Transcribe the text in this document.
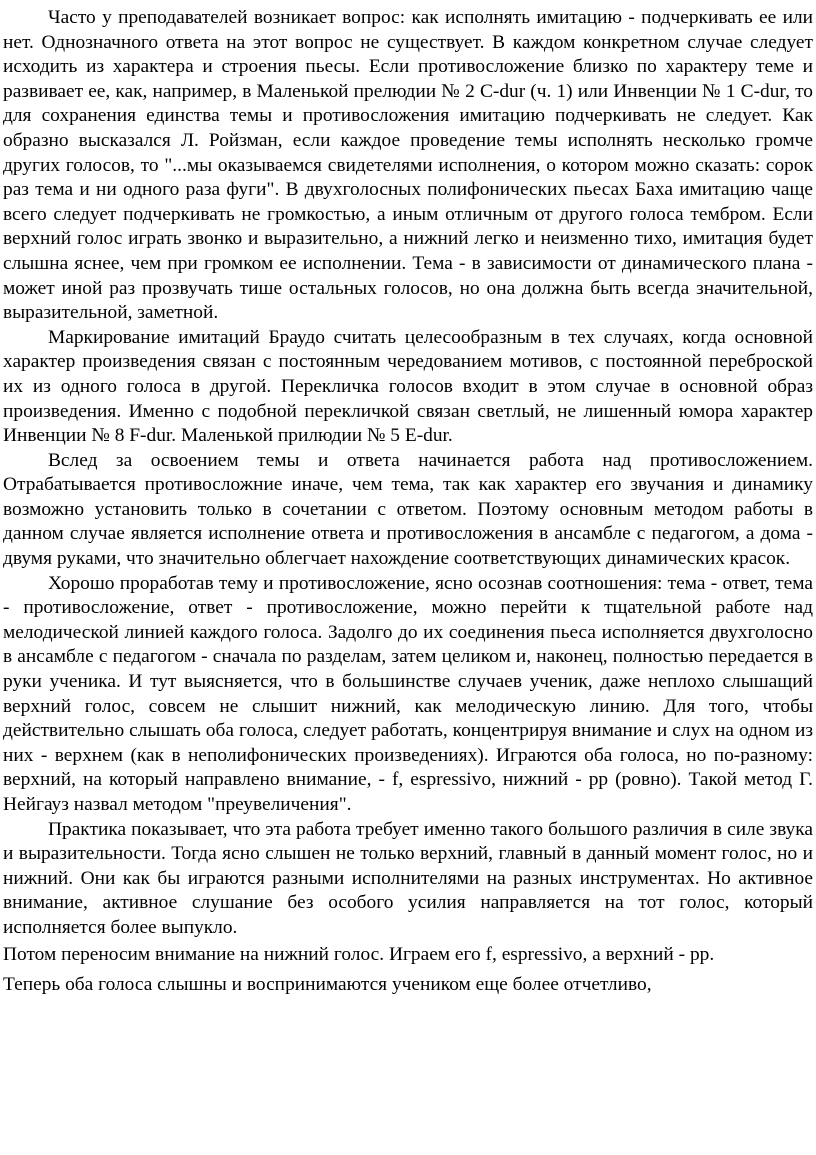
Часто у преподавателей возникает вопрос: как исполнять имитацию - подчеркивать ее или нет. Однозначного ответа на этот вопрос не существует. В каждом конкретном случае следует исходить из характера и строения пьесы. Если противосложение близко по характеру теме и развивает ее, как, например, в Маленькой прелюдии № 2 C-dur (ч. 1) или Инвенции № 1 C-dur, то для сохранения единства темы и противосложения имитацию подчеркивать не следует. Как образно высказался Л. Ройзман, если каждое проведение темы исполнять несколько громче других голосов, то "...мы оказываемся свидетелями исполнения, о котором можно сказать: сорок раз тема и ни одного раза фуги". В двухголосных полифонических пьесах Баха имитацию чаще всего следует подчеркивать не громкостью, а иным отличным от другого голоса тембром. Если верхний голос играть звонко и выразительно, а нижний легко и неизменно тихо, имитация будет слышна яснее, чем при громком ее исполнении. Тема - в зависимости от динамического плана - может иной раз прозвучать тише остальных голосов, но она должна быть всегда значительной, выразительной, заметной.

Маркирование имитаций Браудо считать целесообразным в тех случаях, когда основной характер произведения связан с постоянным чередованием мотивов, с постоянной переброской их из одного голоса в другой. Перекличка голосов входит в этом случае в основной образ произведения. Именно с подобной перекличкой связан светлый, не лишенный юмора характер Инвенции № 8 F-dur. Маленькой прилюдии № 5 E-dur.

Вслед за освоением темы и ответа начинается работа над противосложением. Отрабатывается противосложние иначе, чем тема, так как характер его звучания и динамику возможно установить только в сочетании с ответом. Поэтому основным методом работы в данном случае является исполнение ответа и противосложения в ансамбле с педагогом, а дома - двумя руками, что значительно облегчает нахождение соответствующих динамических красок.

Хорошо проработав тему и противосложение, ясно осознав соотношения: тема - ответ, тема - противосложение, ответ - противосложение, можно перейти к тщательной работе над мелодической линией каждого голоса. Задолго до их соединения пьеса исполняется двухголосно в ансамбле с педагогом - сначала по разделам, затем целиком и, наконец, полностью передается в руки ученика. И тут выясняется, что в большинстве случаев ученик, даже неплохо слышащий верхний голос, совсем не слышит нижний, как мелодическую линию. Для того, чтобы действительно слышать оба голоса, следует работать, концентрируя внимание и слух на одном из них - верхнем (как в неполифонических произведениях). Играются оба голоса, но по-разному: верхний, на который направлено внимание, - f, espressivo, нижний - pp (ровно). Такой метод Г. Нейгауз назвал методом "преувеличения".

Практика показывает, что эта работа требует именно такого большого различия в силе звука и выразительности. Тогда ясно слышен не только верхний, главный в данный момент голос, но и нижний. Они как бы играются разными исполнителями на разных инструментах. Но активное внимание, активное слушание без особого усилия направляется на тот голос, который исполняется более выпукло.

Потом переносим внимание на нижний голос. Играем его f, espressivo, а верхний - pp.

Теперь оба голоса слышны и воспринимаются учеником еще более отчетливо,
